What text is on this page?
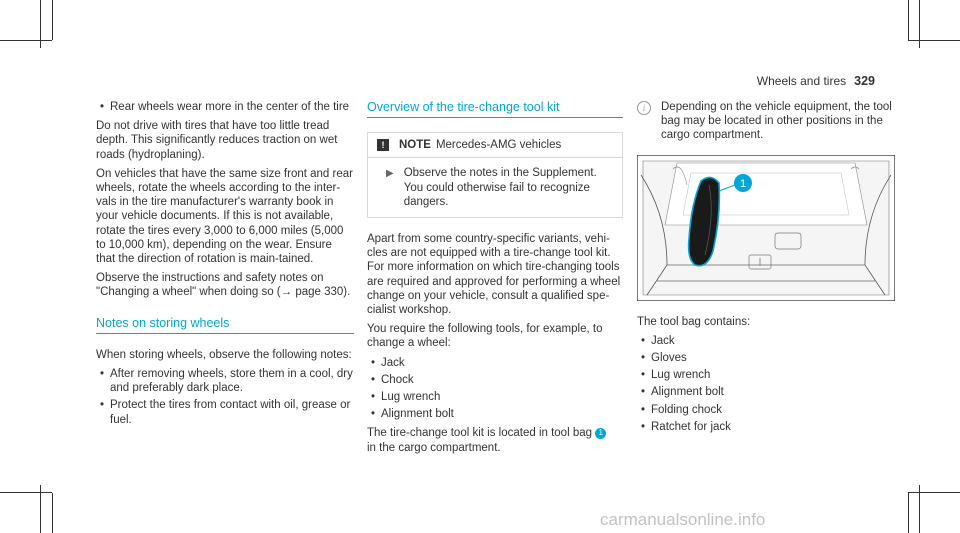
Wheels and tires 329
• Rear wheels wear more in the center of the tire

Do not drive with tires that have too little tread depth. This significantly reduces traction on wet roads (hydroplaning).

On vehicles that have the same size front and rear wheels, rotate the wheels according to the inter-vals in the tire manufacturer's warranty book in your vehicle documents. If this is not available, rotate the tires every 3,000 to 6,000 miles (5,000 to 10,000 km), depending on the wear. Ensure that the direction of rotation is main-tained.

Observe the instructions and safety notes on "Changing a wheel" when doing so (→ page 330).

Notes on storing wheels

When storing wheels, observe the following notes:

• After removing wheels, store them in a cool, dry and preferably dark place.
• Protect the tires from contact with oil, grease or fuel.
Overview of the tire-change tool kit
!	NOTE Mercedes-AMG vehicles
▶ Observe the notes in the Supplement. You could otherwise fail to recognize dangers.

Apart from some country-specific variants, vehi-cles are not equipped with a tire-change tool kit. For more information on which tire-changing tools are required and approved for performing a wheel change on your vehicle, consult a qualified spe-cialist workshop.

You require the following tools, for example, to change a wheel:

• Jack
• Chock
• Lug wrench
• Alignment bolt

The tire-change tool kit is located in tool bag 1
in the cargo compartment.

i	Depending on the vehicle equipment, the tool bag may be located in other positions in the cargo compartment.
1

The tool bag contains:

• Jack
• Gloves
• Lug wrench
• Alignment bolt
• Folding chock
• Ratchet for jack
carmanualsonline.info
